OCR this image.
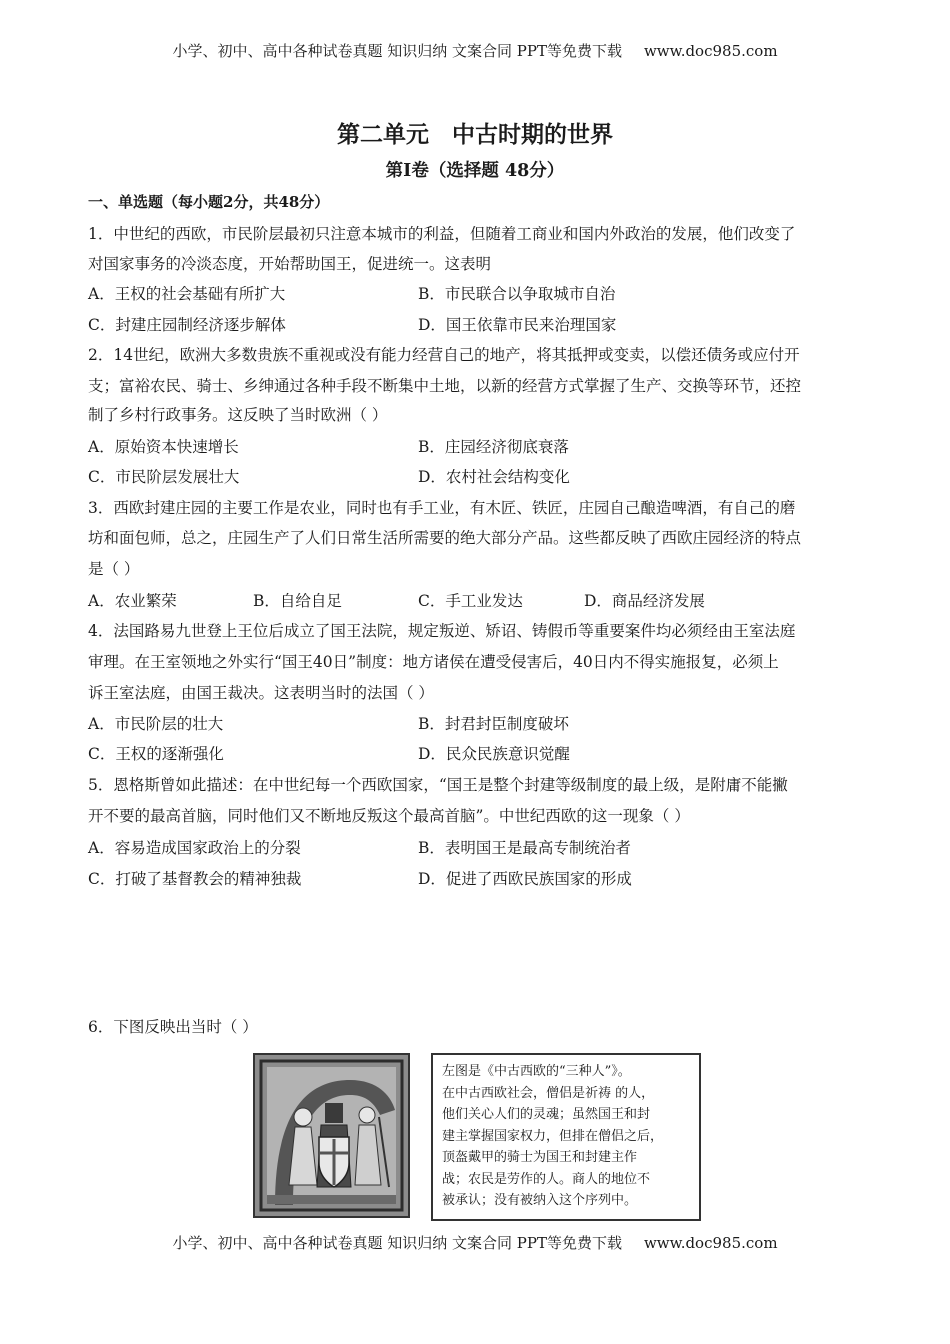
小学、初中、高中各种试卷真题 知识归纳 文案合同 PPT等免费下载 www.doc985.com
第二单元　中古时期的世界
第I卷（选择题 48分）
一、单选题（每小题2分，共48分）
1．中世纪的西欧，市民阶层最初只注意本城市的利益，但随着工商业和国内外政治的发展，他们改变了
对国家事务的冷淡态度，开始帮助国王，促进统一。这表明
A．王权的社会基础有所扩大	B．市民联合以争取城市自治
C．封建庄园制经济逐步解体	D．国王依靠市民来治理国家
2．14世纪，欧洲大多数贵族不重视或没有能力经营自己的地产，将其抵押或变卖，以偿还债务或应付开
支；富裕农民、骑士、乡绅通过各种手段不断集中土地，以新的经营方式掌握了生产、交换等环节，还控
制了乡村行政事务。这反映了当时欧洲（ ）
A．原始资本快速增长	B．庄园经济彻底衰落
C．市民阶层发展壮大	D．农村社会结构变化
3．西欧封建庄园的主要工作是农业，同时也有手工业，有木匠、铁匠，庄园自己酿造啤酒，有自己的磨
坊和面包师，总之，庄园生产了人们日常生活所需要的绝大部分产品。这些都反映了西欧庄园经济的特点
是（ ）
A．农业繁荣	B．自给自足	C．手工业发达	D．商品经济发展
4．法国路易九世登上王位后成立了国王法院，规定叛逆、矫诏、铸假币等重要案件均必须经由王室法庭
审理。在王室领地之外实行“国王40日”制度：地方诸侯在遭受侵害后，40日内不得实施报复，必须上
诉王室法庭，由国王裁决。这表明当时的法国（ ）
A．市民阶层的壮大	B．封君封臣制度破坏
C．王权的逐渐强化	D．民众民族意识觉醒
5．恩格斯曾如此描述：在中世纪每一个西欧国家，“国王是整个封建等级制度的最上级，是附庸不能撇
开不要的最高首脑，同时他们又不断地反叛这个最高首脑”。中世纪西欧的这一现象（ ）
A．容易造成国家政治上的分裂	B．表明国王是最高专制统治者
C．打破了基督教会的精神独裁	D．促进了西欧民族国家的形成
6．下图反映出当时（ ）
左图是《中古西欧的“三种人”》。
在中古西欧社会，僧侣是祈祷 的人，
他们关心人们的灵魂；虽然国王和封
建主掌握国家权力，但排在僧侣之后，
顶盔戴甲的骑士为国王和封建主作
战；农民是劳作的人。商人的地位不
被承认；没有被纳入这个序列中。
小学、初中、高中各种试卷真题 知识归纳 文案合同 PPT等免费下载 www.doc985.com
